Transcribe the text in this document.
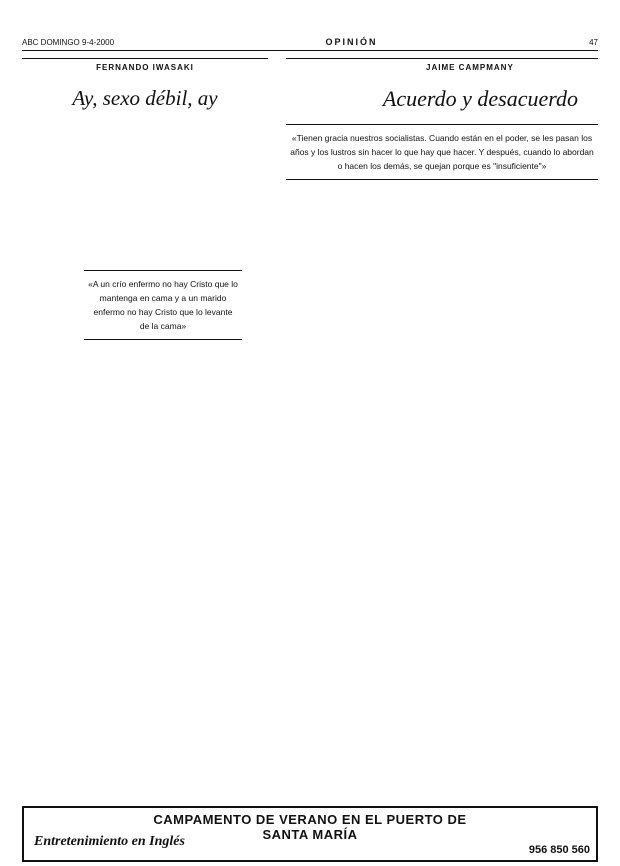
ABC DOMINGO 9-4-2000	OPINIÓN	47
FERNANDO IWASAKI
Ay, sexo débil, ay
«A un crío enfermo no hay Cristo que lo mantenga en cama y a un marido enfermo no hay Cristo que lo levante de la cama»
JAIME CAMPMANY
Acuerdo y desacuerdo
«Tienen gracia nuestros socialistas. Cuando están en el poder, se les pasan los años y los lustros sin hacer lo que hay que hacer. Y después, cuando lo abordan o hacen los demás, se quejan porque es "insuficiente"»
CAMPAMENTO DE VERANO EN EL PUERTO DE SANTA MARÍA
Entretenimiento en Inglés
956 850 560
